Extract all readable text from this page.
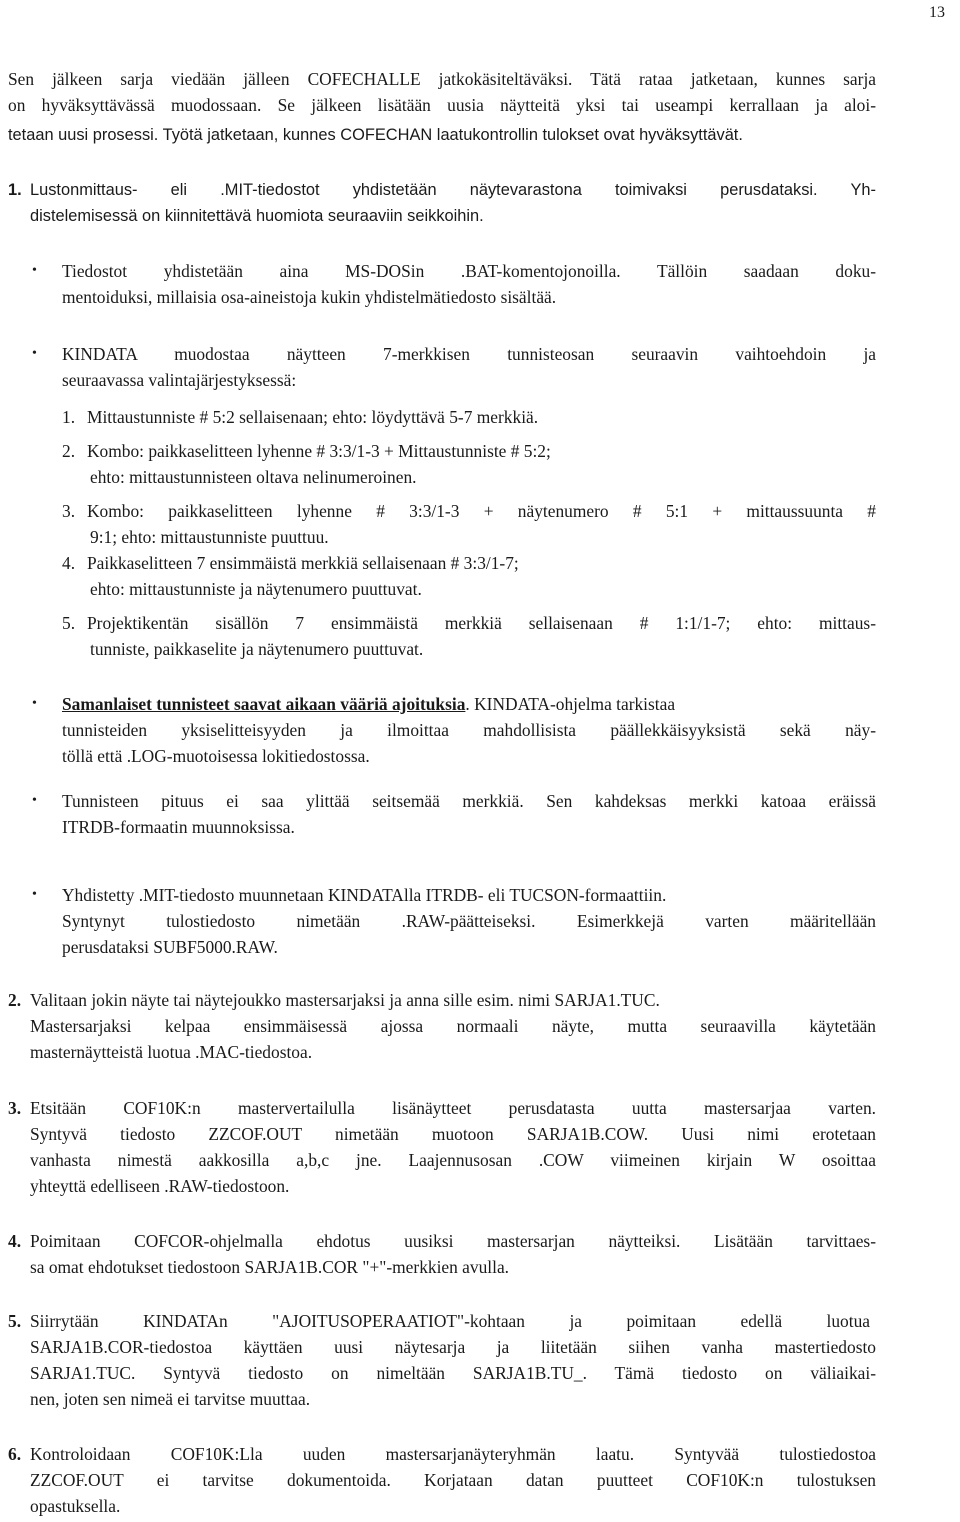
13
Sen jälkeen sarja viedään jälleen COFECHALLE jatkokäsiteltäväksi. Tätä rataa jatketaan, kunnes sarja
on hyväksyttävässä muodossaan. Se jälkeen lisätään uusia näytteitä yksi tai useampi kerrallaan ja aloi-
tetaan uusi prosessi. Työtä jatketaan, kunnes COFECHAN laatukontrollin tulokset ovat hyväksyttävät.
1. Lustonmittaus- eli .MIT-tiedostot yhdistetään näytevarastona toimivaksi perusdataksi. Yh-
distelemisessä on kiinnitettävä huomiota seuraaviin seikkoihin.
• Tiedostot yhdistetään aina MS-DOSin .BAT-komentojonoilla. Tällöin saadaan doku-
mentoiduksi, millaisia osa-aineistoja kukin yhdistelmätiedosto sisältää.
• KINDATA muodostaa näytteen 7-merkkisen tunnisteosan seuraavin vaihtoehdoin ja
seuraavassa valintajärjestyksessä:
1. Mittaustunniste # 5:2 sellaisenaan; ehto: löydyttävä 5-7 merkkiä.
2. Kombo: paikkaselitteen lyhenne # 3:3/1-3 + Mittaustunniste # 5:2;
ehto: mittaustunnisteen oltava nelinumeroinen.
3. Kombo: paikkaselitteen lyhenne # 3:3/1-3 + näytenumero # 5:1 + mittaussuunta #
9:1; ehto: mittaustunniste puuttuu.
4. Paikkaselitteen 7 ensimmäistä merkkiä sellaisenaan # 3:3/1-7;
ehto: mittaustunniste ja näytenumero puuttuvat.
5. Projektikentän sisällön 7 ensimmäistä merkkiä sellaisenaan # 1:1/1-7; ehto: mittaus-
tunniste, paikkaselite ja näytenumero puuttuvat.
• Samanlaiset tunnisteet saavat aikaan vääriä ajoituksia . KINDATA-ohjelma tarkistaa
tunnisteiden yksiselitteisyyden ja ilmoittaa mahdollisista päällekkäisyyksistä sekä näy-
töllä että .LOG-muotoisessa lokitiedostossa.
• Tunnisteen pituus ei saa ylittää seitsemää merkkiä. Sen kahdeksas merkki katoaa eräissä
ITRDB-formaatin muunnoksissa.
• Yhdistetty .MIT-tiedosto muunnetaan KINDATAlla ITRDB- eli TUCSON-formaattiin.
Syntynyt tulostiedosto nimetään .RAW-päätteiseksi. Esimerkkejä varten määritellään
perusdataksi SUBF5000.RAW.
2. Valitaan jokin näyte tai näytejoukko mastersarjaksi ja anna sille esim. nimi SARJA1.TUC.
Mastersarjaksi kelpaa ensimmäisessä ajossa normaali näyte, mutta seuraavilla käytetään
masternäytteistä luotua .MAC-tiedostoa.
3. Etsitään COF10K:n mastervertailulla lisänäytteet perusdatasta uutta mastersarjaa varten.
Syntyvä tiedosto ZZCOF.OUT nimetään muotoon SARJA1B.COW. Uusi nimi erotetaan
vanhasta nimestä aakkosilla a,b,c jne. Laajennusosan .COW viimeinen kirjain W osoittaa
yhteyttä edelliseen .RAW-tiedostoon.
4. Poimitaan COFCOR-ohjelmalla ehdotus uusiksi mastersarjan näytteiksi. Lisätään tarvittaes-
sa omat ehdotukset tiedostoon SARJA1B.COR "+"-merkkien avulla.
5. Siirrytään KINDATAn "AJOITUSOPERAATIOT"-kohtaan ja poimitaan edellä luotua
SARJA1B.COR-tiedostoa käyttäen uusi näytesarja ja liitetään siihen vanha mastertiedosto
SARJA1.TUC. Syntyvä tiedosto on nimeltään SARJA1B.TU_. Tämä tiedosto on väliaikai-
nen, joten sen nimeä ei tarvitse muuttaa.
6. Kontroloidaan COF10K:Lla uuden mastersarjanäyteryhmän laatu. Syntyvää tulostiedostoa
ZZCOF.OUT ei tarvitse dokumentoida. Korjataan datan puutteet COF10K:n tulostuksen
opastuksella.
